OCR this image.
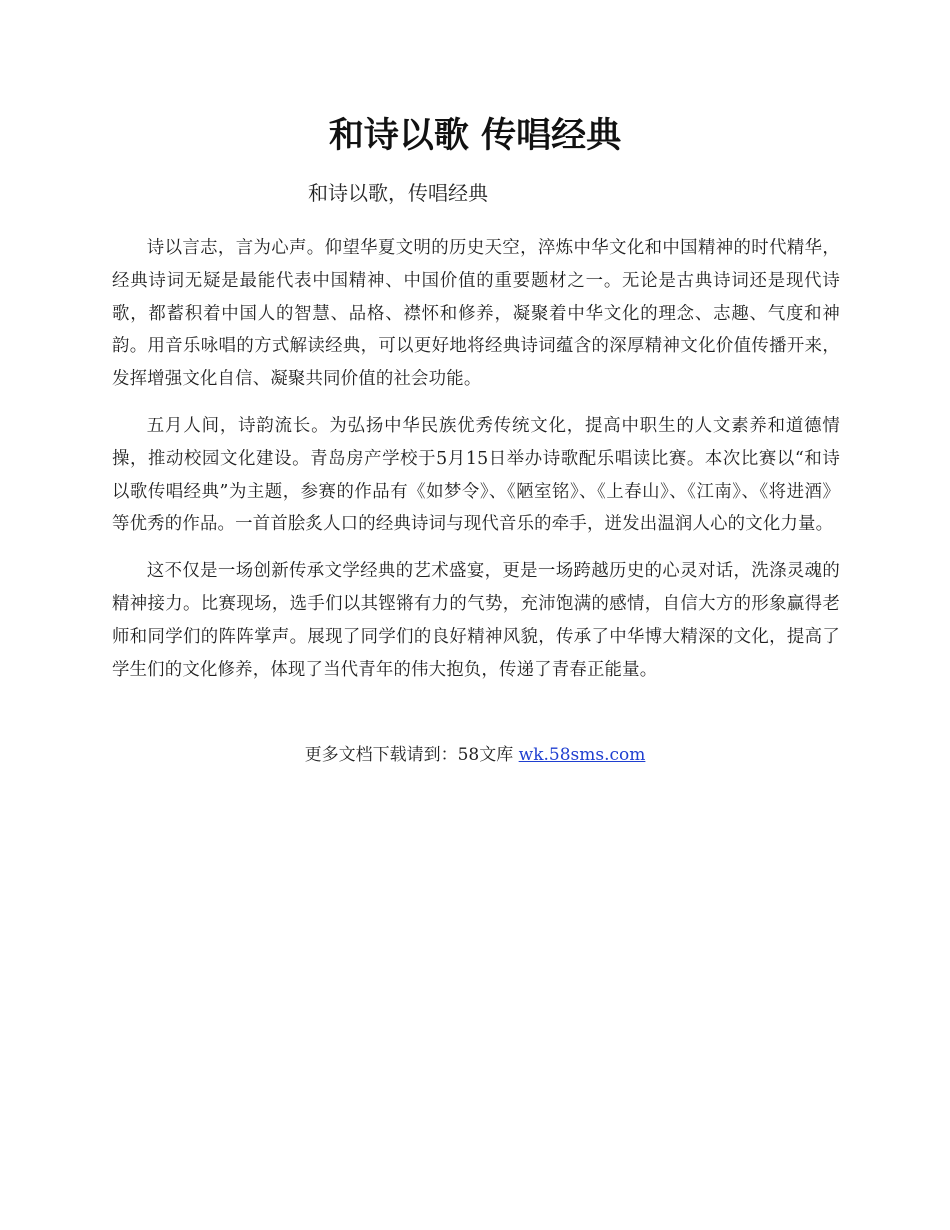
和诗以歌 传唱经典

和诗以歌，传唱经典

诗以言志，言为心声。仰望华夏文明的历史天空，淬炼中华文化和中国精神的时代精华，经典诗词无疑是最能代表中国精神、中国价值的重要题材之一。无论是古典诗词还是现代诗歌，都蓄积着中国人的智慧、品格、襟怀和修养，凝聚着中华文化的理念、志趣、气度和神韵。用音乐咏唱的方式解读经典，可以更好地将经典诗词蕴含的深厚精神文化价值传播开来，发挥增强文化自信、凝聚共同价值的社会功能。

五月人间，诗韵流长。为弘扬中华民族优秀传统文化，提高中职生的人文素养和道德情操，推动校园文化建设。青岛房产学校于5月15日举办诗歌配乐唱读比赛。本次比赛以“和诗以歌传唱经典”为主题，参赛的作品有《如梦令》、《陋室铭》、《上春山》、《江南》、《将进酒》等优秀的作品。一首首脍炙人口的经典诗词与现代音乐的牵手，迸发出温润人心的文化力量。

这不仅是一场创新传承文学经典的艺术盛宴，更是一场跨越历史的心灵对话，洗涤灵魂的精神接力。比赛现场，选手们以其铿锵有力的气势，充沛饱满的感情，自信大方的形象赢得老师和同学们的阵阵掌声。展现了同学们的良好精神风貌，传承了中华博大精深的文化，提高了学生们的文化修养，体现了当代青年的伟大抱负，传递了青春正能量。

更多文档下载请到：58文库 wk.58sms.com
